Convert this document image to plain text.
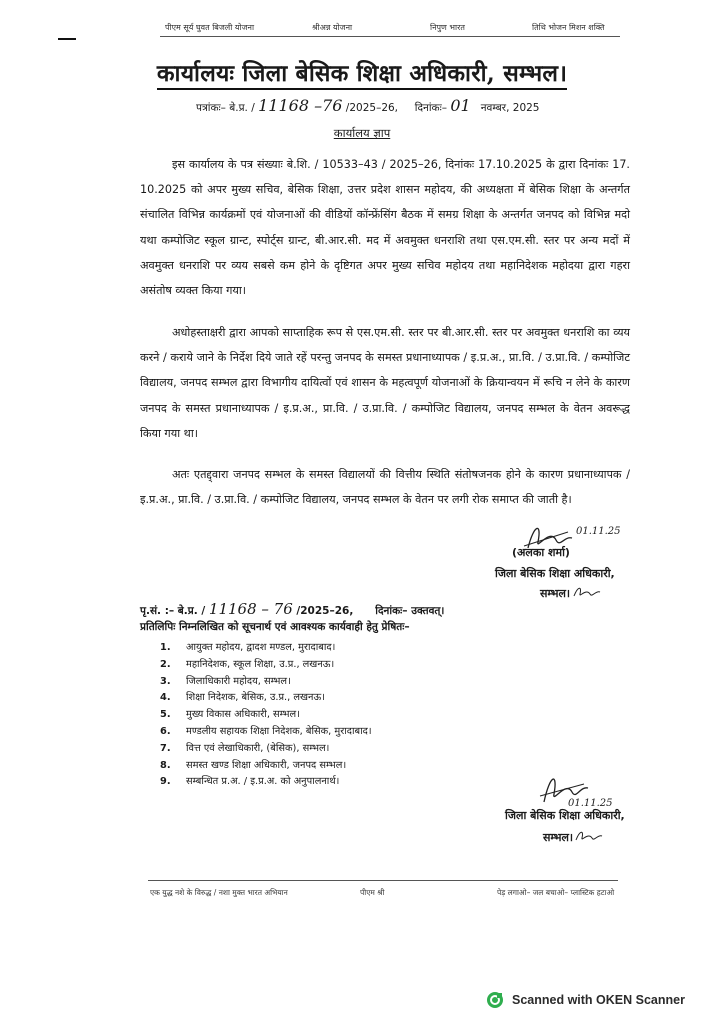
पीएम सूर्य घुवत बिजली योजना	श्रीअन्न योजना	निपुण भारत	तिथि भोजन मिशन शक्ति
कार्यालयः जिला बेसिक शिक्षा अधिकारी, सम्भल।
पत्रांकः– बे.प्र. / 11168 –76 /2025–26, दिनांकः– 01 नवम्बर, 2025
कार्यालय ज्ञाप
इस कार्यालय के पत्र संख्याः बे.शि. / 10533–43 / 2025–26, दिनांकः 17.10.2025 के द्वारा दिनांकः 17. 10.2025 को अपर मुख्य सचिव, बेसिक शिक्षा, उत्तर प्रदेश शासन महोदय, की अध्यक्षता में बेसिक शिक्षा के अन्तर्गत संचालित विभिन्न कार्यक्रमों एवं योजनाओं की वीडियों कॉन्फ्रेंसिंग बैठक में समग्र शिक्षा के अन्तर्गत जनपद को विभिन्न मदो यथा कम्पोजिट स्कूल ग्रान्ट, स्पोर्ट्स ग्रान्ट, बी.आर.सी. मद में अवमुक्त धनराशि तथा एस.एम.सी. स्तर पर अन्य मदों में अवमुक्त धनराशि पर व्यय सबसे कम होने के दृष्टिगत अपर मुख्य सचिव महोदय तथा महानिदेशक महोदया द्वारा गहरा असंतोष व्यक्त किया गया।
अधोहस्ताक्षरी द्वारा आपको साप्ताहिक रूप से एस.एम.सी. स्तर पर बी.आर.सी. स्तर पर अवमुक्त धनराशि का व्यय करने / कराये जाने के निर्देश दिये जाते रहें परन्तु जनपद के समस्त प्रधानाध्यापक / इ.प्र.अ., प्रा.वि. / उ.प्रा.वि. / कम्पोजिट विद्यालय, जनपद सम्भल द्वारा विभागीय दायित्वों एवं शासन के महत्वपूर्ण योजनाओं के क्रियान्वयन में रूचि न लेने के कारण जनपद के समस्त प्रधानाध्यापक / इ.प्र.अ., प्रा.वि. / उ.प्रा.वि. / कम्पोजिट विद्यालय, जनपद सम्भल के वेतन अवरूद्ध किया गया था।
अतः एतद्द्वारा जनपद सम्भल के समस्त विद्यालयों की वित्तीय स्थिति संतोषजनक होने के कारण प्रधानाध्यापक / इ.प्र.अ., प्रा.वि. / उ.प्रा.वि. / कम्पोजिट विद्यालय, जनपद सम्भल के वेतन पर लगी रोक समाप्त की जाती है।
01.11.25
(अलका शर्मा)
जिला बेसिक शिक्षा अधिकारी,
सम्भल।
पृ.सं. :– बे.प्र. / 11168 – 76 /2025–26, दिनांकः– उक्तवत्।
प्रतिलिपिः निम्नलिखित को सूचनार्थ एवं आवश्यक कार्यवाही हेतु प्रेषितः–
1. आयुक्त महोदय, द्वादश मण्डल, मुरादाबाद।
2. महानिदेशक, स्कूल शिक्षा, उ.प्र., लखनऊ।
3. जिलाधिकारी महोदय, सम्भल।
4. शिक्षा निदेशक, बेसिक, उ.प्र., लखनऊ।
5. मुख्य विकास अधिकारी, सम्भल।
6. मण्डलीय सहायक शिक्षा निदेशक, बेसिक, मुरादाबाद।
7. वित्त एवं लेखाधिकारी, (बेसिक), सम्भल।
8. समस्त खण्ड शिक्षा अधिकारी, जनपद सम्भल।
9. सम्बन्धित प्र.अ. / इ.प्र.अ. को अनुपालनार्थ।
01.11.25
जिला बेसिक शिक्षा अधिकारी,
सम्भल।
एक युद्ध नशे के विरुद्ध / नशा मुक्त भारत अभियान	पीएम श्री	पेड़ लगाओ– जल बचाओ– प्लास्टिक हटाओ
Scanned with OKEN Scanner
